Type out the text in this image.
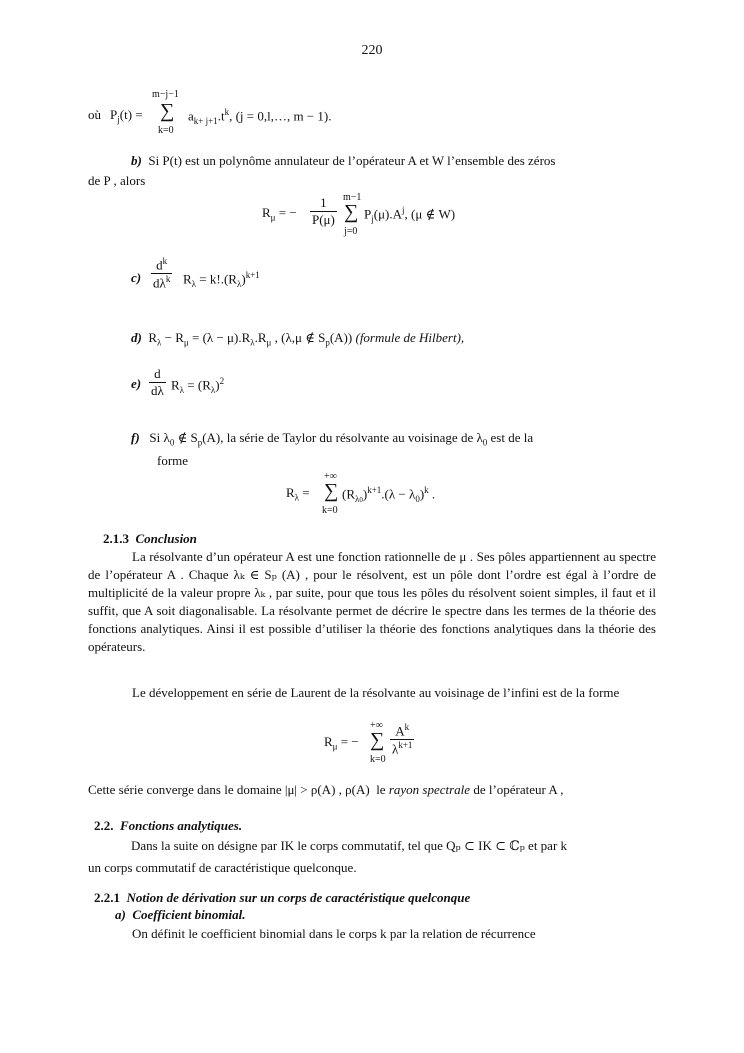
220
où $P_j(t)$ =
m−j−1
∑
k=0
$a_{k+ j+1}.t^k$, (j = 0,l,…, m − 1).
b) Si P(t) est un polynôme annulateur de l’opérateur A et W l’ensemble des zéros
de P , alors
$R_\mu$ = − $\frac{1}{P(\mu)} m-1$
∑
j=0
$P_j(\mu).A^j$, (μ ∉ W)
c)
$d^k$
$d\lambda^k$ $R_\lambda = k!.(R_\lambda)^{k+1}$
d) $R_\lambda - R_\mu = (\lambda - \mu).R_\lambda.R_\mu$ , (λ,μ ∉ $S_p(A)$) (formule de Hilbert),
$e) \frac{d}{d\lambda} R_\lambda = (R_\lambda)^2$
f) Si $\lambda_0$ ∉ $S_p(A)$, la série de Taylor du résolvante au voisinage de $\lambda_0$ est de la
forme
$R_\lambda$ =
+∞
∑
k=0
$(R_{\lambda 0})^{k+1}.(\lambda - \lambda_0)^k$ .
2.1.3 Conclusion
La résolvante d’un opérateur A est une fonction rationnelle de μ . Ses pôles appartiennent au spectre de l’opérateur A . Chaque λₖ ∈ Sₚ (A) , pour le résolvent, est un pôle dont l’ordre est égal à l’ordre de multiplicité de la valeur propre λₖ , par suite, pour que tous les pôles du résolvent soient simples, il faut et il suffit, que A soit diagonalisable. La résolvante permet de décrire le spectre dans les termes de la théorie des fonctions analytiques. Ainsi il est possible d’utiliser la théorie des fonctions analytiques dans la théorie des opérateurs.
Le développement en série de Laurent de la résolvante au voisinage de l’infini est de la forme
$R_\mu$ = −
+∞
∑
k=0
$\frac{A^k}{\lambda^{k+1}}$
Cette série converge dans le domaine |μ| > ρ(A) , ρ(A) le rayon spectrale de l’opérateur A ,
2.2. Fonctions analytiques.
Dans la suite on désigne par IK le corps commutatif, tel que Qₚ ⊂ IK ⊂ ℂₚ et par k
un corps commutatif de caractéristique quelconque.
2.2.1 Notion de dérivation sur un corps de caractéristique quelconque
a) Coefficient binomial.
On définit le coefficient binomial dans le corps k par la relation de récurrence
